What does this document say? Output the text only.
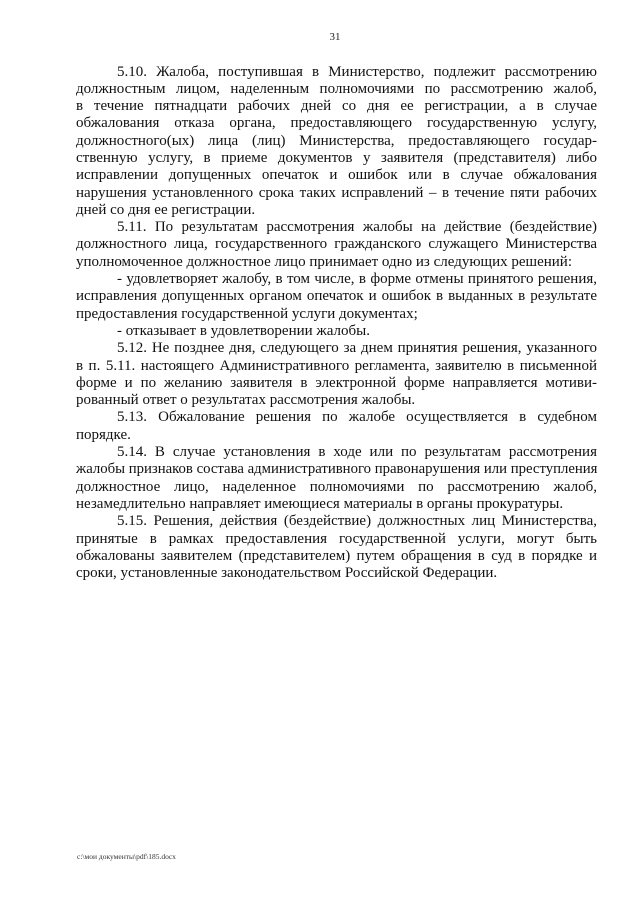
31
5.10. Жалоба, поступившая в Министерство, подлежит рассмотрению
должностным лицом, наделенным полномочиями по рассмотрению жалоб,
в течение пятнадцати рабочих дней со дня ее регистрации, а в случае
обжалования отказа органа, предоставляющего государственную услугу,
должностного(ых) лица (лиц) Министерства, предоставляющего государ-
ственную услугу, в приеме документов у заявителя (представителя) либо
исправлении допущенных опечаток и ошибок или в случае обжалования
нарушения установленного срока таких исправлений – в течение пяти рабочих
дней со дня ее регистрации.
5.11. По результатам рассмотрения жалобы на действие (бездействие)
должностного лица, государственного гражданского служащего Министерства
уполномоченное должностное лицо принимает одно из следующих решений:
- удовлетворяет жалобу, в том числе, в форме отмены принятого решения,
исправления допущенных органом опечаток и ошибок в выданных в результате
предоставления государственной услуги документах;
- отказывает в удовлетворении жалобы.
5.12. Не позднее дня, следующего за днем принятия решения, указанного
в п. 5.11. настоящего Административного регламента, заявителю в письменной
форме и по желанию заявителя в электронной форме направляется мотиви-
рованный ответ о результатах рассмотрения жалобы.
5.13. Обжалование решения по жалобе осуществляется в судебном
порядке.
5.14. В случае установления в ходе или по результатам рассмотрения
жалобы признаков состава административного правонарушения или преступления
должностное лицо, наделенное полномочиями по рассмотрению жалоб,
незамедлительно направляет имеющиеся материалы в органы прокуратуры.
5.15. Решения, действия (бездействие) должностных лиц Министерства,
принятые в рамках предоставления государственной услуги, могут быть
обжалованы заявителем (представителем) путем обращения в суд в порядке и
сроки, установленные законодательством Российской Федерации.
c:\мои документы\pdf\185.docx
